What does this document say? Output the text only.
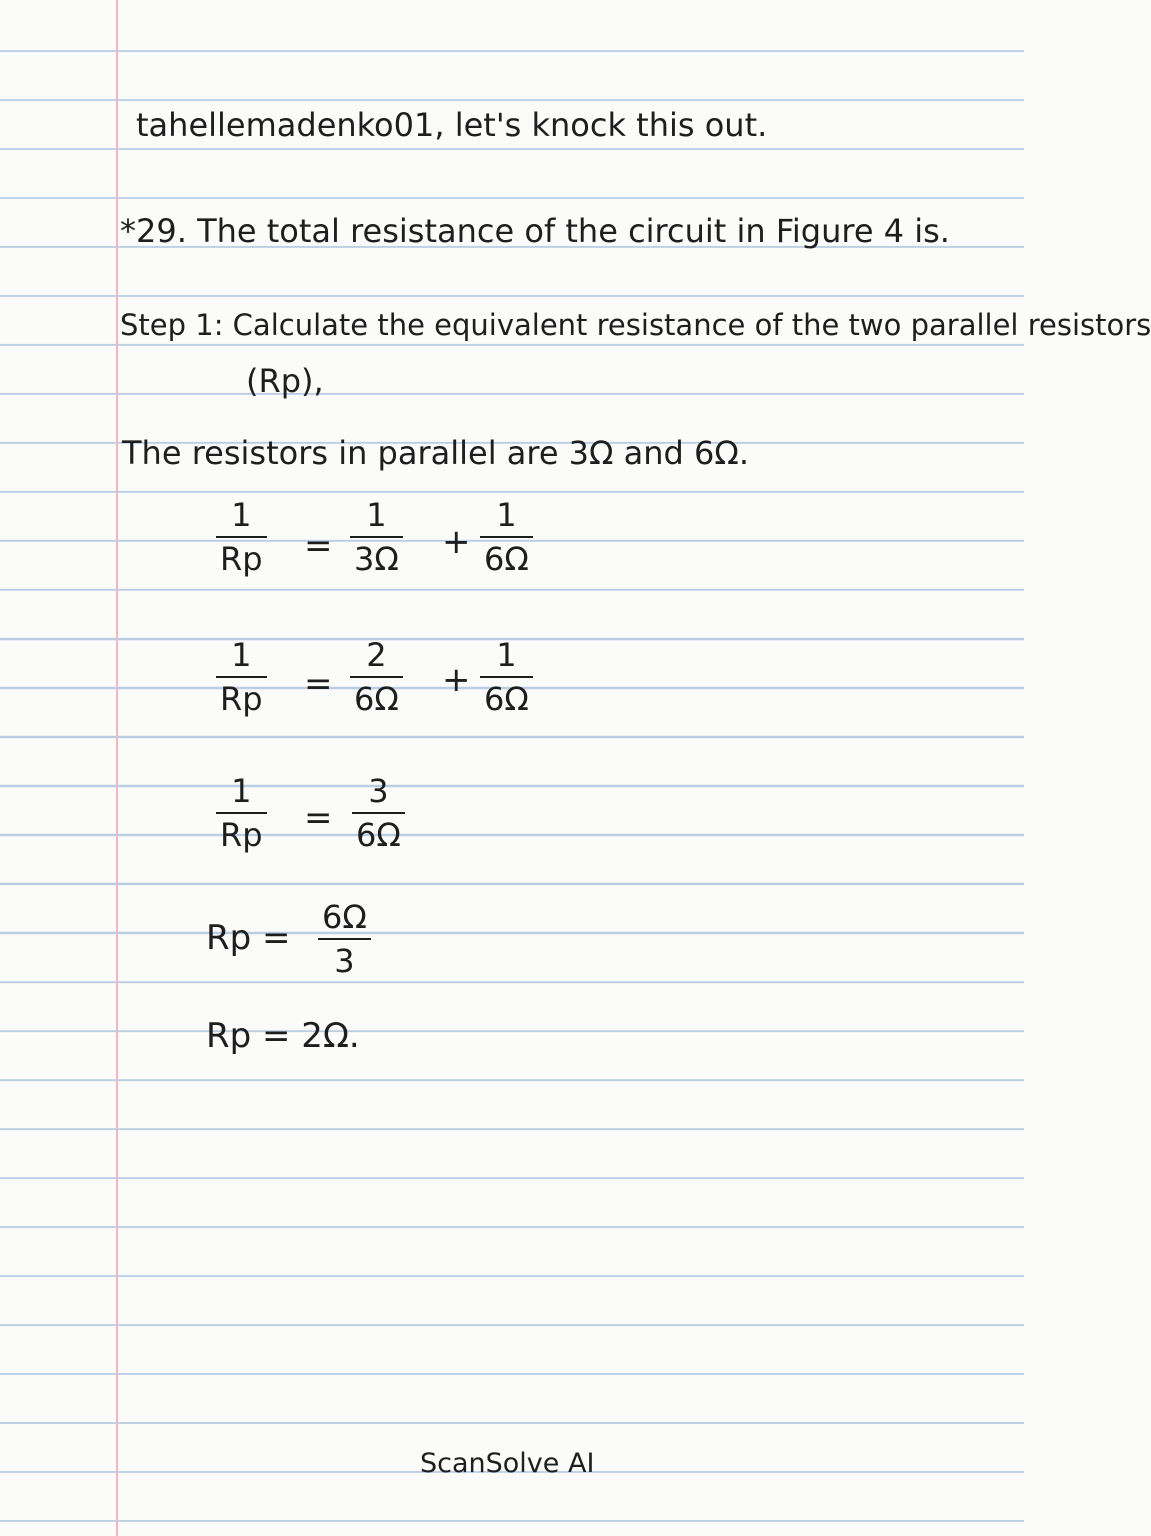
tahellemadenko01, let's knock this out.
*29. The total resistance of the circuit in Figure 4 is.
Step 1: Calculate the equivalent resistance of the two parallel resistors
(Rp),
The resistors in parallel are 3Ω and 6Ω.
1
Rp =
1
3Ω +
1
6Ω
1
Rp =
2
6Ω +
1
6Ω
1
Rp =
3
6Ω
Rp =
6Ω
3
Rp = 2Ω.
ScanSolve AI
